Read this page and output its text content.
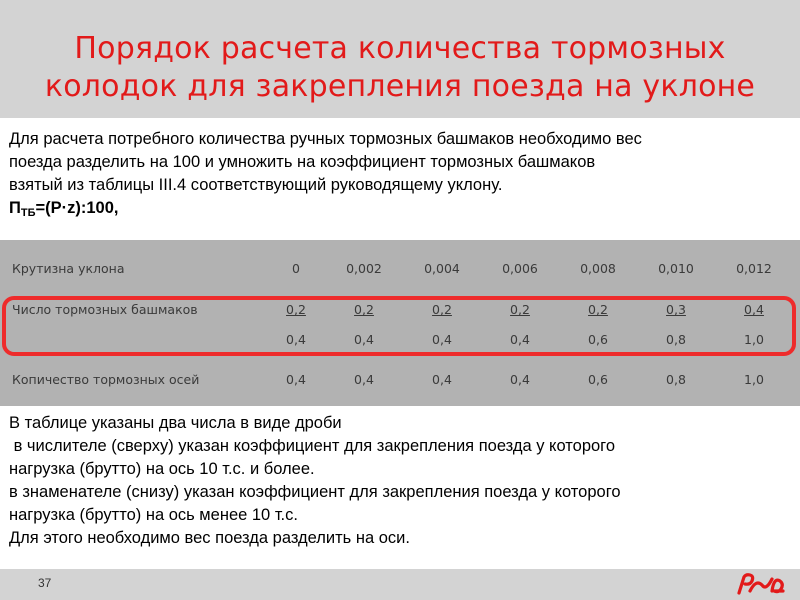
Порядок расчета количества тормозных
колодок для закрепления поезда на уклоне

Для расчета потребного количества ручных тормозных башмаков необходимо вес

поезда разделить на 100 и умножить на коэффициент тормозных башмаков

взятый из таблицы III.4 соответствующий руководящему уклону.

$П_{ТБ}=(P\cdot z):100$,

Крутизна уклона	0	0,002	0,004	0,006	0,008	0,010	0,012
Число тормозных башмаков	0,2	0,2	0,2	0,2	0,2	0,3	0,4
0,4	0,4	0,4	0,4	0,6	0,8	1,0
Копичество тормозных осей	0,4	0,4	0,4	0,4	0,6	0,8	1,0

В таблице указаны два числа в виде дроби

в числителе (сверху) указан коэффициент для закрепления поезда у которого

нагрузка (брутто) на ось 10 т.с. и более.

в знаменателе (снизу) указан коэффициент для закрепления поезда у которого

нагрузка (брутто) на ось менее 10 т.с.

Для этого необходимо вес поезда разделить на оси.

37
